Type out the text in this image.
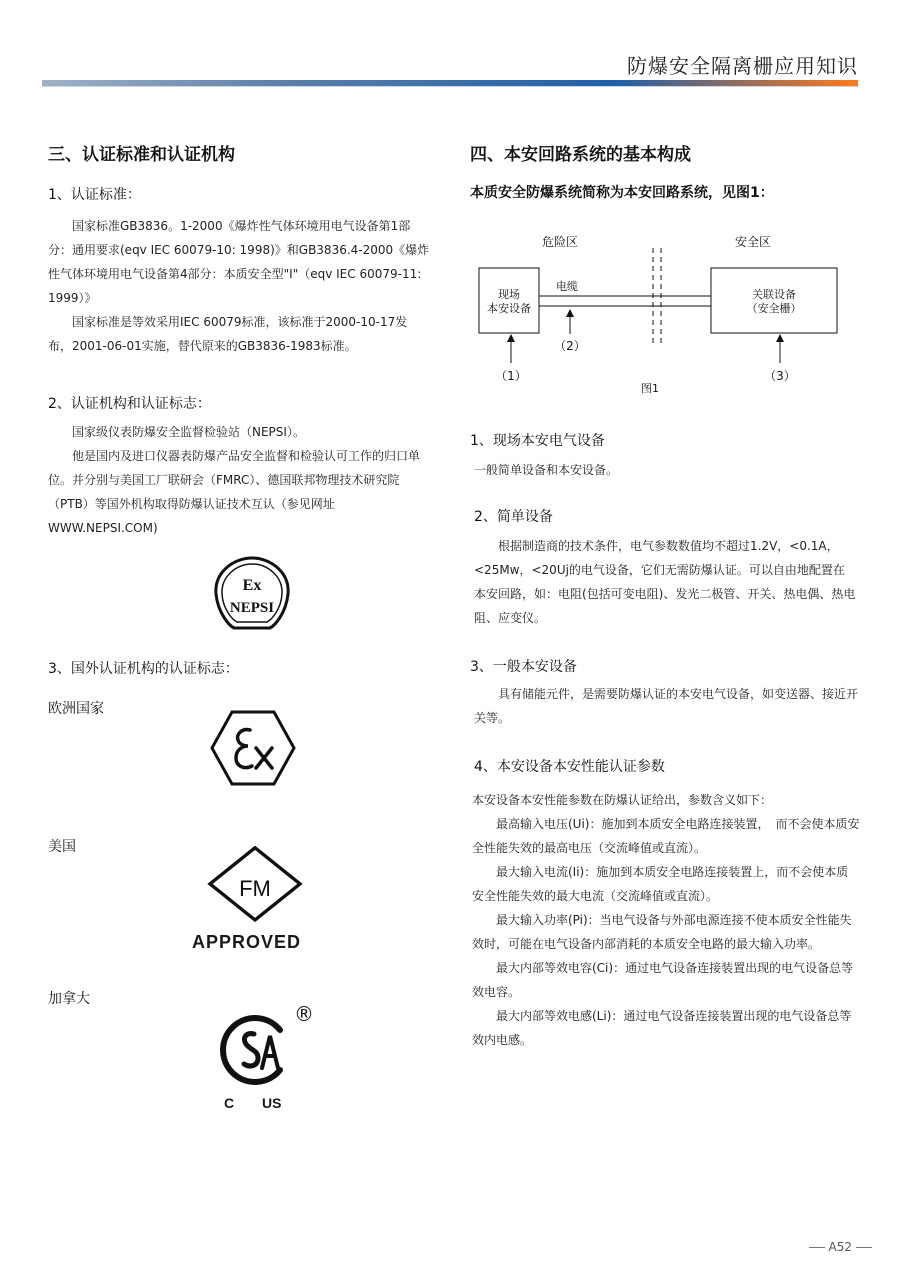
防爆安全隔离栅应用知识
三、认证标准和认证机构
1、认证标准：

国家标准GB3836。1-2000《爆炸性气体环境用电气设备第1部分：通用要求(eqv IEC 60079-10: 1998)》和GB3836.4-2000《爆炸性气体环境用电气设备第4部分：本质安全型"I"（eqv IEC 60079-11: 1999）》

国家标准是等效采用IEC 60079标准，该标准于2000-10-17发布，2001-06-01实施，替代原来的GB3836-1983标准。

2、认证机构和认证标志：

国家级仪表防爆安全监督检验站（NEPSI）。

他是国内及进口仪器表防爆产品安全监督和检验认可工作的归口单位。并分别与美国工厂联研会（FMRC）、德国联邦物理技术研究院（PTB）等国外机构取得防爆认证技术互认（参见网址WWW.NEPSI.COM)

Ex
NEPSI
3、国外认证机构的认证标志：
欧洲国家
美国
FM
APPROVED
加拿大
®
C US
四、本安回路系统的基本构成
本质安全防爆系统简称为本安回路系统，见图1：
危险区	安全区
现场
本安设备
电缆
关联设备
（安全栅）
（1）
（2）
（3）
图1
1、现场本安电气设备
一般简单设备和本安设备。
2、简单设备

根据制造商的技术条件，电气参数数值均不超过1.2V，<0.1A，<25Mw，<20Uj的电气设备，它们无需防爆认证。可以自由地配置在本安回路，如：电阻(包括可变电阻)、发光二极管、开关、热电偶、热电阻、应变仪。

3、一般本安设备

具有储能元件，是需要防爆认证的本安电气设备，如变送器、接近开关等。

4、本安设备本安性能认证参数

本安设备本安性能参数在防爆认证给出，参数含义如下：

最高输入电压(Ui)：施加到本质安全电路连接装置，　而不会使本质安全性能失效的最高电压（交流峰值或直流）。

最大输入电流(Ii)：施加到本质安全电路连接装置上，而不会使本质安全性能失效的最大电流（交流峰值或直流）。

最大输入功率(Pi)：当电气设备与外部电源连接不使本质安全性能失效时，可能在电气设备内部消耗的本质安全电路的最大输入功率。

最大内部等效电容(Ci)：通过电气设备连接装置出现的电气设备总等效电容。

最大内部等效电感(Li)：通过电气设备连接装置出现的电气设备总等效内电感。

A52
